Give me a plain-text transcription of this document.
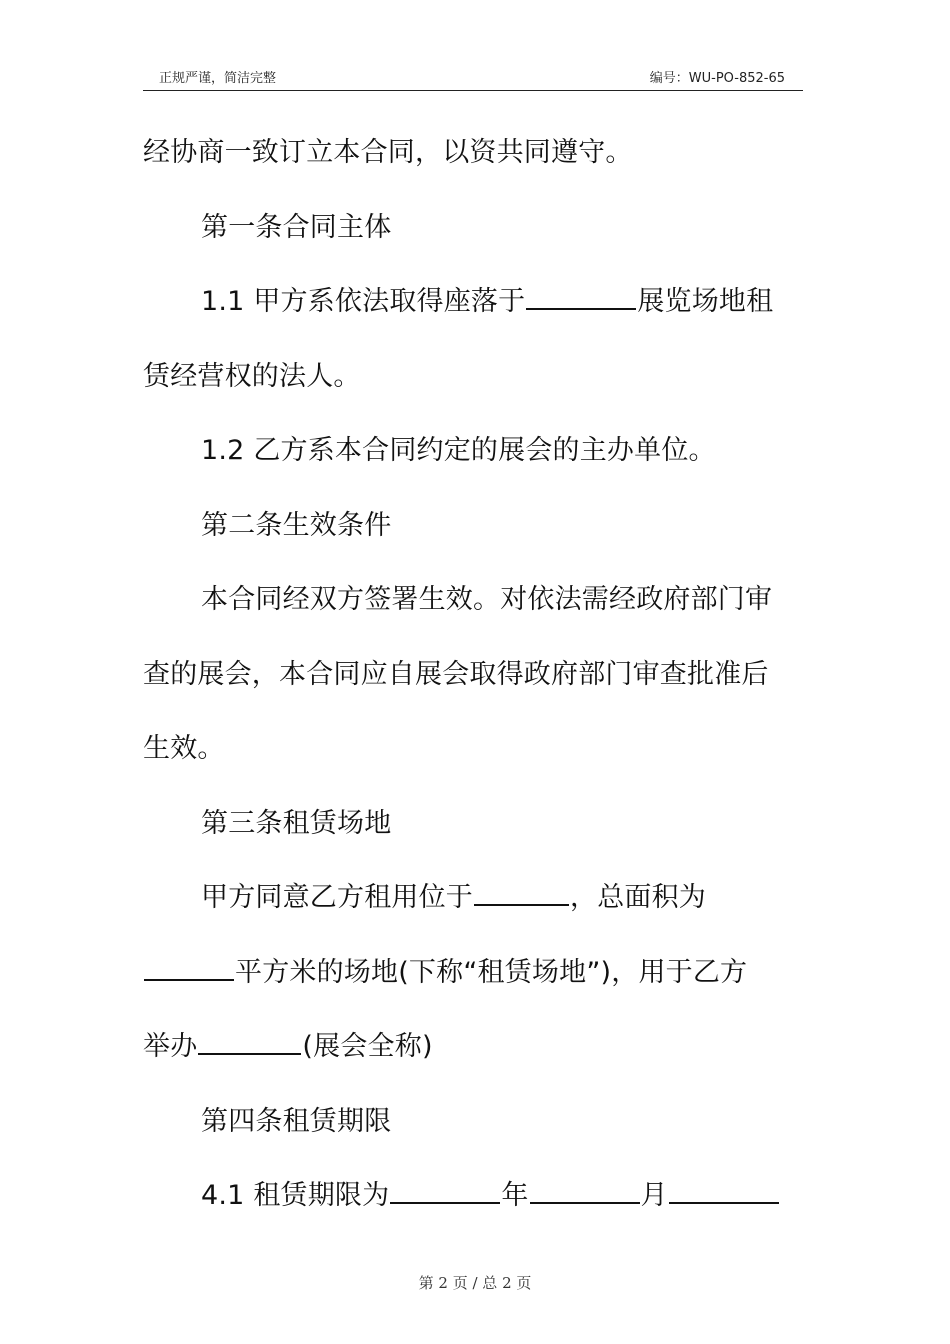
正规严谨，简洁完整	编号：WU-PO-852-65

经协商一致订立本合同，以资共同遵守。

第一条合同主体

1.1 甲方系依法取得座落于	展览场地租

赁经营权的法人。

1.2 乙方系本合同约定的展会的主办单位。

第二条生效条件

本合同经双方签署生效。对依法需经政府部门审

查的展会，本合同应自展会取得政府部门审查批准后

生效。

第三条租赁场地

甲方同意乙方租用位于	，总面积为

平方米的场地(下称“租赁场地”)，用于乙方

举办	(展会全称)

第四条租赁期限

4.1 租赁期限为	年	月

第 2 页 / 总 2 页
